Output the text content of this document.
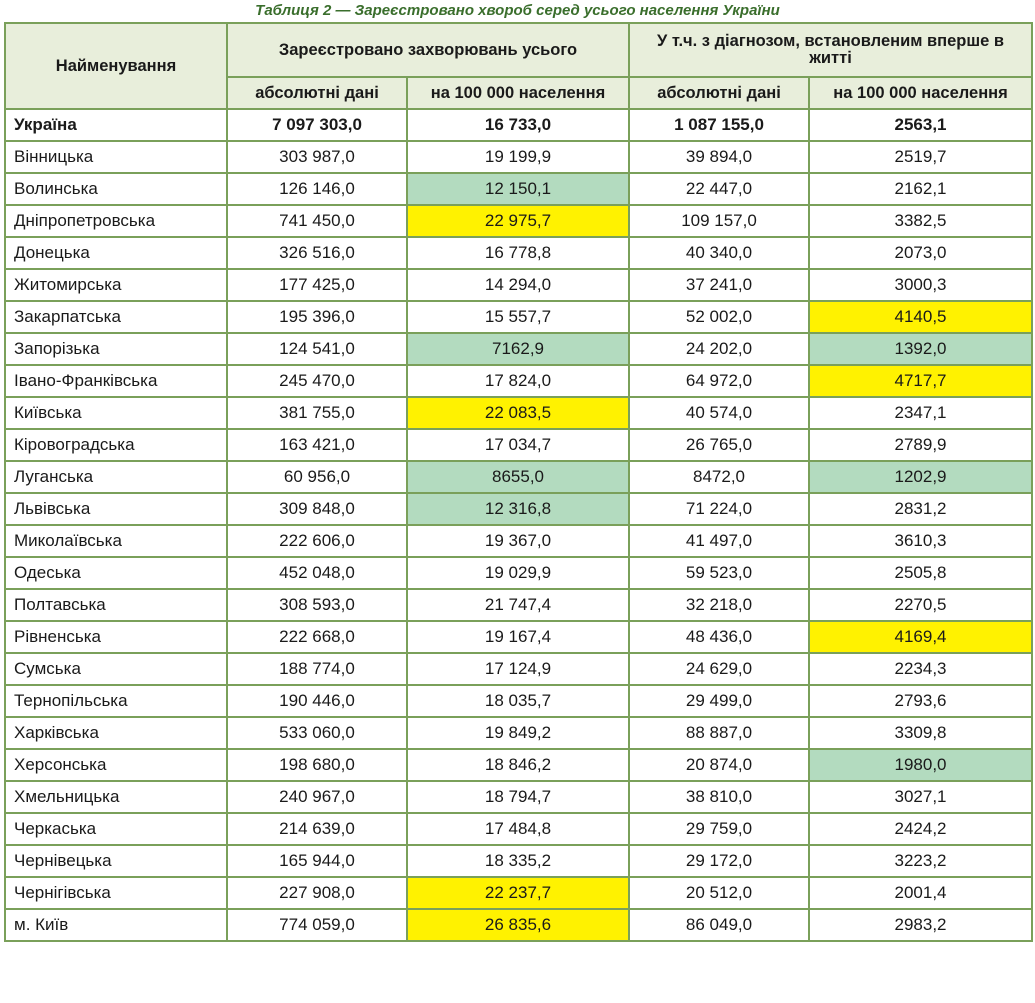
Таблиця 2 — Зареєстровано хвороб серед усього населення України
Найменування	Зареєстровано захворювань усього		У т.ч. з діагнозом, встановленим вперше в житті	
	абсолютні дані	на 100 000 населення	абсолютні дані	на 100 000 населення
Україна	7 097 303,0	16 733,0	1 087 155,0	2563,1
Вінницька	303 987,0	19 199,9	39 894,0	2519,7
Волинська	126 146,0	12 150,1	22 447,0	2162,1
Дніпропетровська	741 450,0	22 975,7	109 157,0	3382,5
Донецька	326 516,0	16 778,8	40 340,0	2073,0
Житомирська	177 425,0	14 294,0	37 241,0	3000,3
Закарпатська	195 396,0	15 557,7	52 002,0	4140,5
Запорізька	124 541,0	7162,9	24 202,0	1392,0
Івано-Франківська	245 470,0	17 824,0	64 972,0	4717,7
Київська	381 755,0	22 083,5	40 574,0	2347,1
Кіровоградська	163 421,0	17 034,7	26 765,0	2789,9
Луганська	60 956,0	8655,0	8472,0	1202,9
Львівська	309 848,0	12 316,8	71 224,0	2831,2
Миколаївська	222 606,0	19 367,0	41 497,0	3610,3
Одеська	452 048,0	19 029,9	59 523,0	2505,8
Полтавська	308 593,0	21 747,4	32 218,0	2270,5
Рівненська	222 668,0	19 167,4	48 436,0	4169,4
Сумська	188 774,0	17 124,9	24 629,0	2234,3
Тернопільська	190 446,0	18 035,7	29 499,0	2793,6
Харківська	533 060,0	19 849,2	88 887,0	3309,8
Херсонська	198 680,0	18 846,2	20 874,0	1980,0
Хмельницька	240 967,0	18 794,7	38 810,0	3027,1
Черкаська	214 639,0	17 484,8	29 759,0	2424,2
Чернівецька	165 944,0	18 335,2	29 172,0	3223,2
Чернігівська	227 908,0	22 237,7	20 512,0	2001,4
м. Київ	774 059,0	26 835,6	86 049,0	2983,2
